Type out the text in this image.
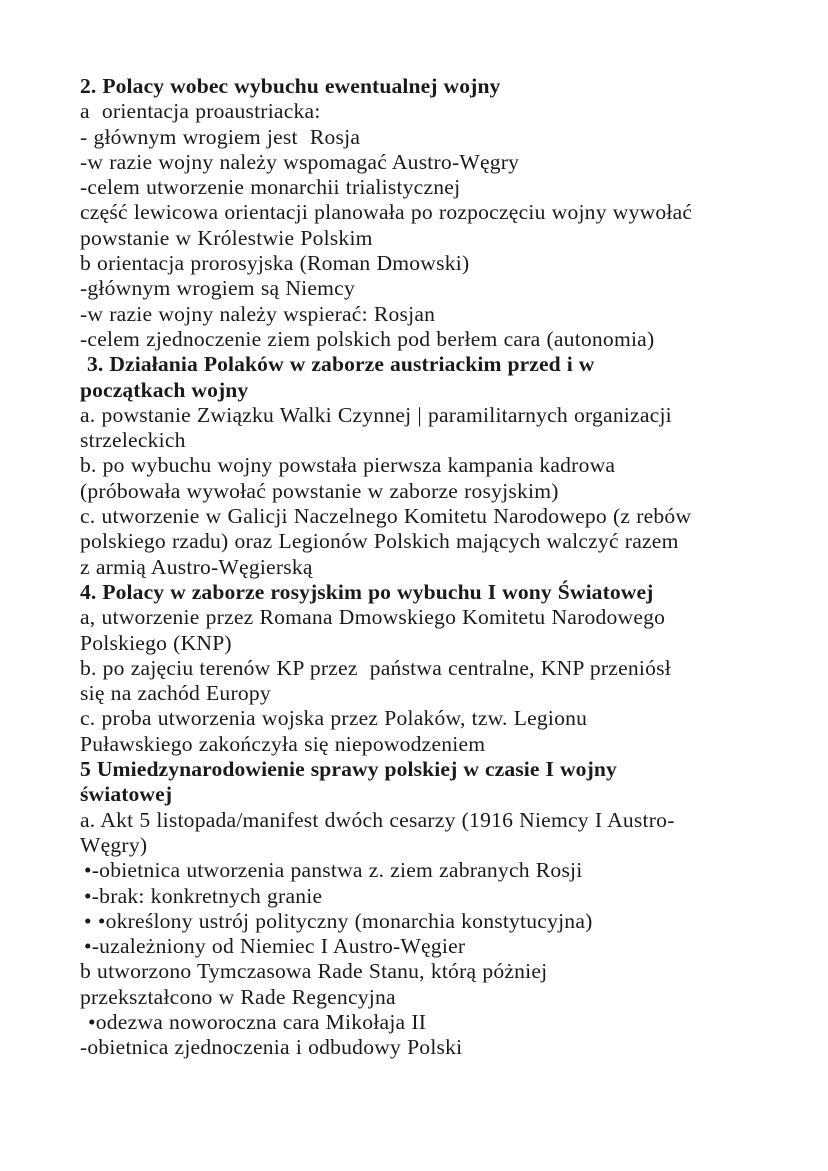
2. Polacy wobec wybuchu ewentualnej wojny
a  orientacja proaustriacka:
- głównym wrogiem jest  Rosja
-w razie wojny należy wspomagać Austro-Węgry
-celem utworzenie monarchii trialistycznej
część lewicowa orientacji planowała po rozpoczęciu wojny wywołać
powstanie w Królestwie Polskim
b orientacja prorosyjska (Roman Dmowski)
-głównym wrogiem są Niemcy
-w razie wojny należy wspierać: Rosjan
-celem zjednoczenie ziem polskich pod berłem cara (autonomia)
3. Działania Polaków w zaborze austriackim przed i w
początkach wojny
a. powstanie Związku Walki Czynnej | paramilitarnych organizacji
strzeleckich
b. po wybuchu wojny powstała pierwsza kampania kadrowa
(próbowała wywołać powstanie w zaborze rosyjskim)
c. utworzenie w Galicji Naczelnego Komitetu Narodowepo (z rebów
polskiego rzadu) oraz Legionów Polskich mających walczyć razem
z armią Austro-Węgierską
4. Polacy w zaborze rosyjskim po wybuchu I wony Światowej
a, utworzenie przez Romana Dmowskiego Komitetu Narodowego
Polskiego (KNP)
b. po zajęciu terenów KP przez  państwa centralne, KNP przeniósł
się na zachód Europy
c. proba utworzenia wojska przez Polaków, tzw. Legionu
Puławskiego zakończyła się niepowodzeniem
5 Umiedzynarodowienie sprawy polskiej w czasie I wojny
światowej
a. Akt 5 listopada/manifest dwóch cesarzy (1916 Niemcy I Austro-
Węgry)
•-obietnica utworzenia panstwa z. ziem zabranych Rosji
•-brak: konkretnych granie
• •określony ustrój polityczny (monarchia konstytucyjna)
•-uzależniony od Niemiec I Austro-Węgier
b utworzono Tymczasowa Rade Stanu, którą póżniej
przekształcono w Rade Regencyjna
•odezwa noworoczna cara Mikołaja II
-obietnica zjednoczenia i odbudowy Polski
